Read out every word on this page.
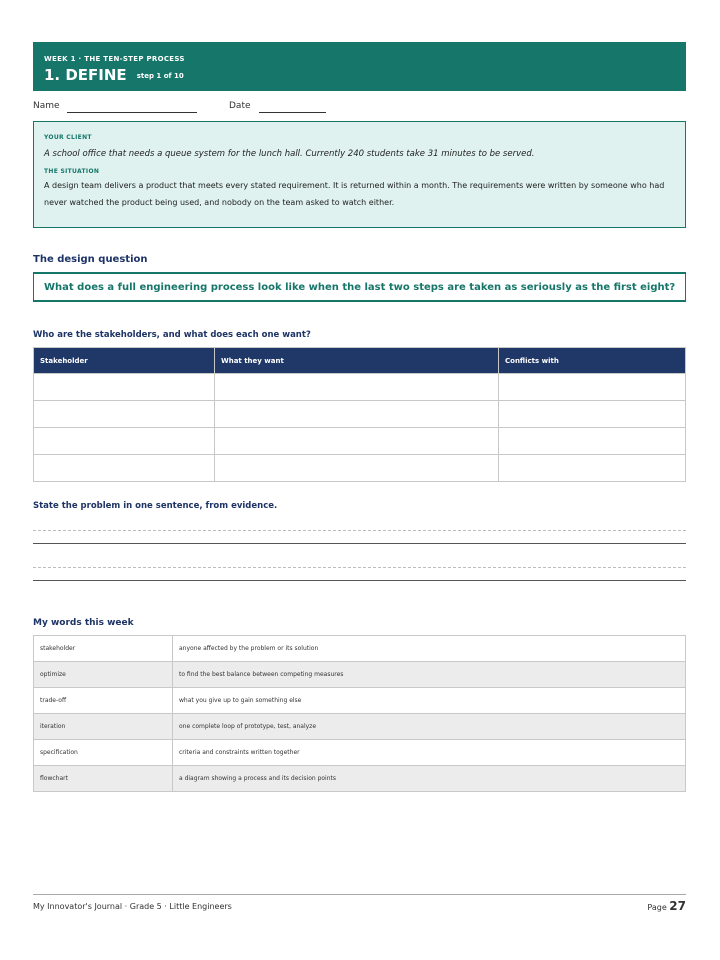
WEEK 1 · THE TEN-STEP PROCESS
1. DEFINE step 1 of 10
Name	Date
YOUR CLIENT
A school office that needs a queue system for the lunch hall. Currently 240 students take 31 minutes to be served.
THE SITUATION
A design team delivers a product that meets every stated requirement. It is returned within a month. The requirements were written by someone who had never watched the product being used, and nobody on the team asked to watch either.
The design question
What does a full engineering process look like when the last two steps are taken as seriously as the first eight?
Who are the stakeholders, and what does each one want?
Stakeholder	What they want	Conflicts with

State the problem in one sentence, from evidence.
My words this week
stakeholder	anyone affected by the problem or its solution
optimize	to find the best balance between competing measures
trade-off	what you give up to gain something else
iteration	one complete loop of prototype, test, analyze
specification	criteria and constraints written together
flowchart	a diagram showing a process and its decision points
My Innovator's Journal · Grade 5 · Little Engineers	Page 27
